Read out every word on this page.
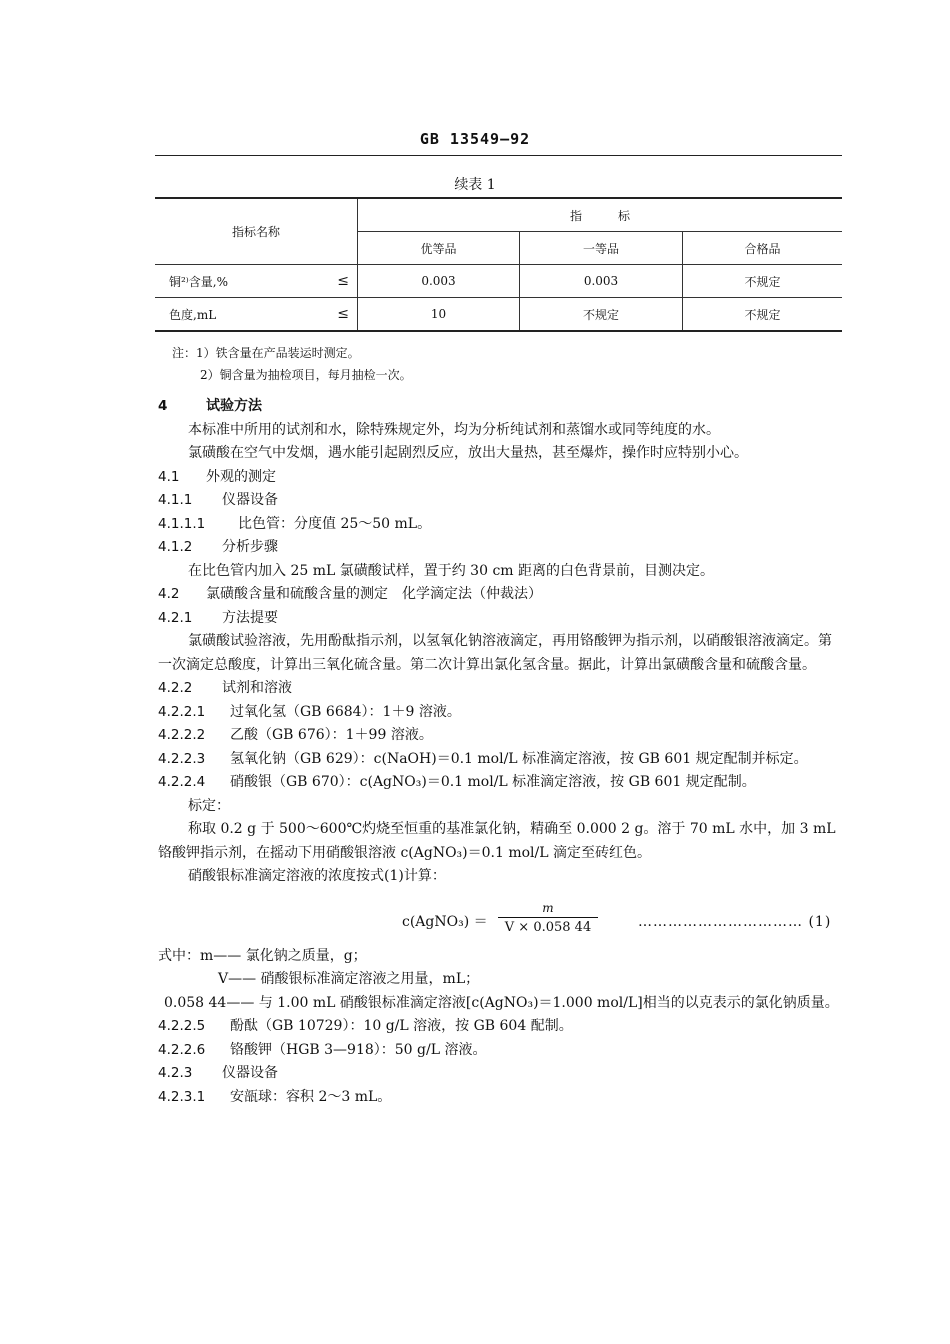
GB 13549—92
续表 1
指标名称	指　　　标		
	优等品	一等品	合格品
铜²⁾含量,% ≤	0.003	0.003	不规定
色度,mL ≤	10	不规定	不规定
注：1）铁含量在产品装运时测定。
2）铜含量为抽检项目，每月抽检一次。

4	试验方法

本标准中所用的试剂和水，除特殊规定外，均为分析纯试剂和蒸馏水或同等纯度的水。

氯磺酸在空气中发烟，遇水能引起剧烈反应，放出大量热，甚至爆炸，操作时应特别小心。

4.1 外观的测定

4.1.1 仪器设备

4.1.1.1 比色管：分度值 25～50 mL。

4.1.2 分析步骤

在比色管内加入 25 mL 氯磺酸试样，置于约 30 cm 距离的白色背景前，目测决定。

4.2 氯磺酸含量和硫酸含量的测定　化学滴定法（仲裁法）

4.2.1 方法提要

氯磺酸试验溶液，先用酚酞指示剂，以氢氧化钠溶液滴定，再用铬酸钾为指示剂，以硝酸银溶液滴定。第一次滴定总酸度，计算出三氧化硫含量。第二次计算出氯化氢含量。据此，计算出氯磺酸含量和硫酸含量。

4.2.2 试剂和溶液

4.2.2.1 过氧化氢（GB 6684）：1＋9 溶液。

4.2.2.2 乙酸（GB 676）：1＋99 溶液。

4.2.2.3 氢氧化钠（GB 629）：c(NaOH)＝0.1 mol/L 标准滴定溶液，按 GB 601 规定配制并标定。

4.2.2.4 硝酸银（GB 670）：c(AgNO₃)＝0.1 mol/L 标准滴定溶液，按 GB 601 规定配制。

标定：

称取 0.2 g 于 500～600℃灼烧至恒重的基准氯化钠，精确至 0.000 2 g。溶于 70 mL 水中，加 3 mL 铬酸钾指示剂，在摇动下用硝酸银溶液 c(AgNO₃)＝0.1 mol/L 滴定至砖红色。

硝酸银标准滴定溶液的浓度按式(1)计算：

c(AgNO₃) ＝ $\frac{m}{V \times 0.058 44}$	…………………………… (1)

式中：m—— 氯化钠之质量，g；

V—— 硝酸银标准滴定溶液之用量，mL；

0.058 44—— 与 1.00 mL 硝酸银标准滴定溶液[c(AgNO₃)＝1.000 mol/L]相当的以克表示的氯化钠质量。

4.2.2.5 酚酞（GB 10729）：10 g/L 溶液，按 GB 604 配制。

4.2.2.6 铬酸钾（HGB 3—918）：50 g/L 溶液。

4.2.3 仪器设备

4.2.3.1 安瓿球：容积 2～3 mL。
